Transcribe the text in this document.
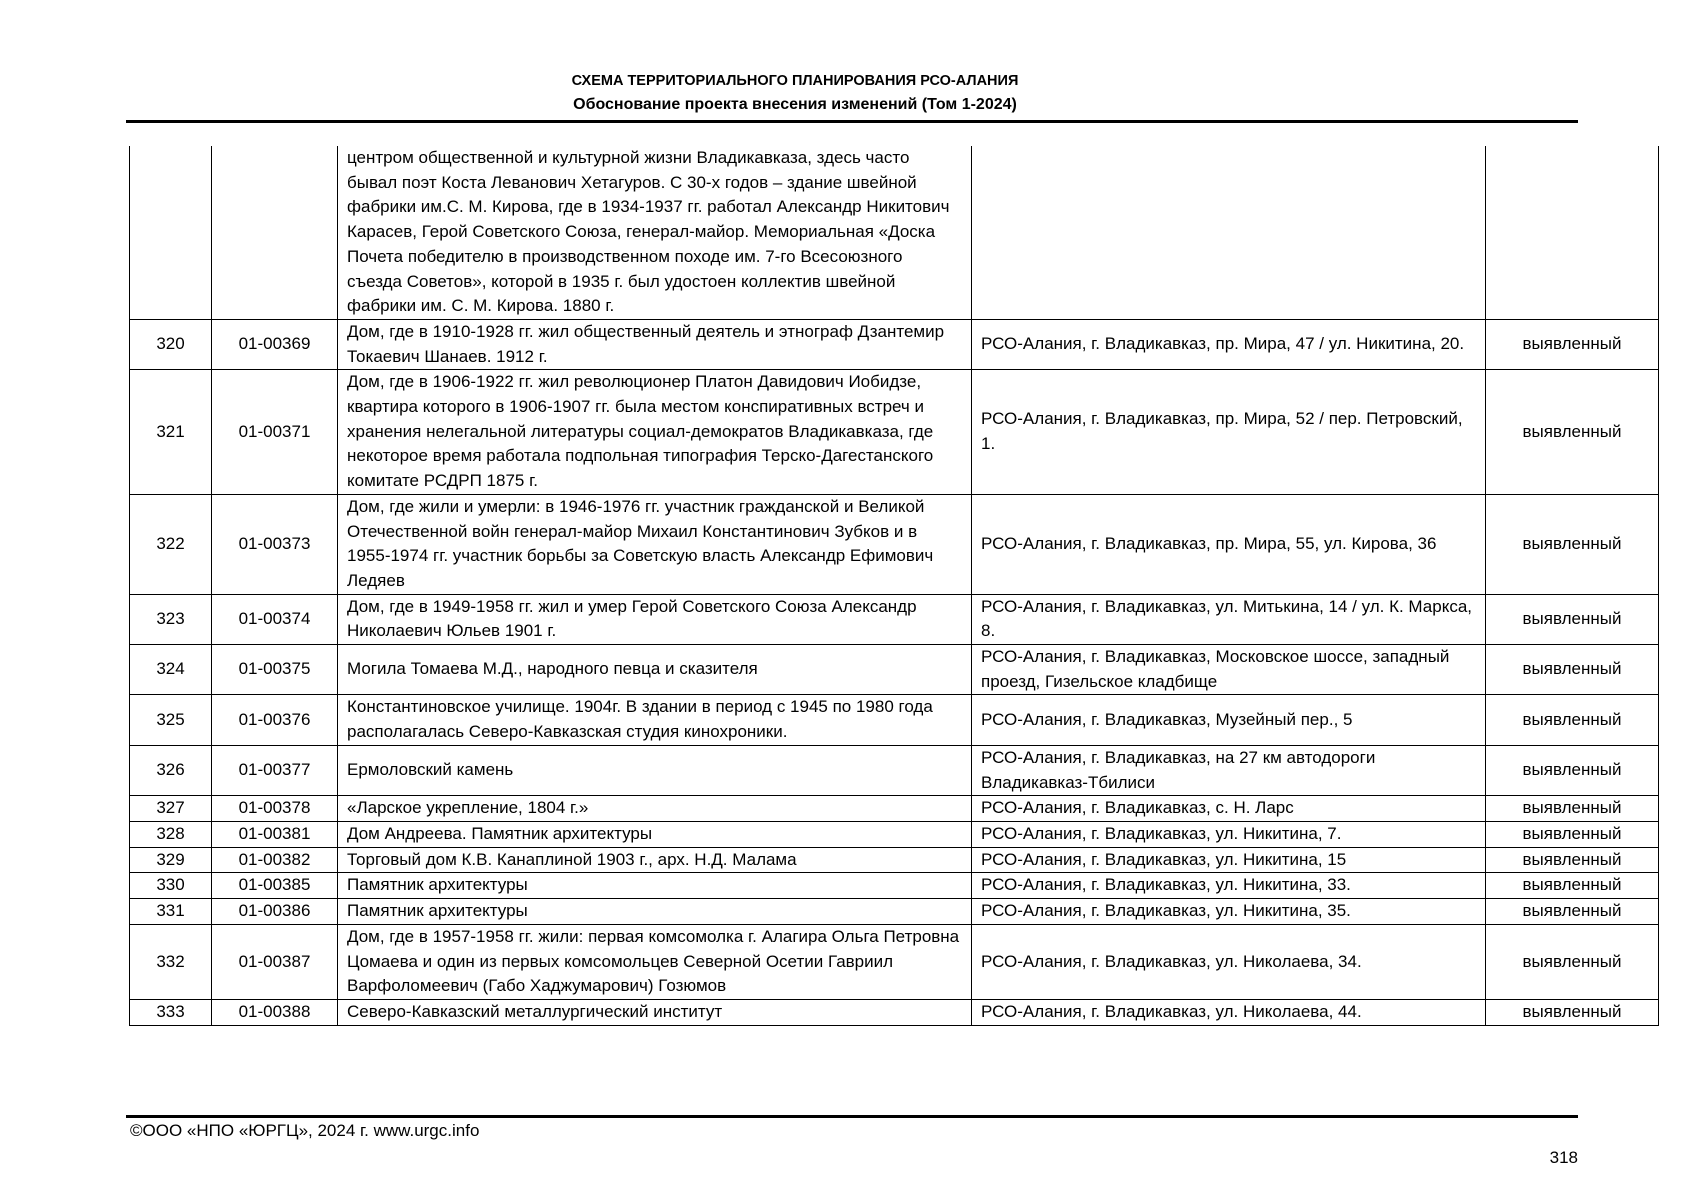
СХЕМА ТЕРРИТОРИАЛЬНОГО ПЛАНИРОВАНИЯ РСО-АЛАНИЯ
Обоснование проекта внесения изменений (Том 1-2024)
		центром общественной и культурной жизни Владикавказа, здесь часто бывал поэт Коста Леванович Хетагуров. С 30-х годов – здание швейной фабрики им.С. М. Кирова, где в 1934-1937 гг. работал Александр Никитович Карасев, Герой Советского Союза, генерал-майор. Мемориальная «Доска Почета победителю в производственном походе им. 7-го Всесоюзного съезда Советов», которой в 1935 г. был удостоен коллектив швейной фабрики им. С. М. Кирова. 1880 г.		
320	01-00369	Дом, где в 1910-1928 гг. жил общественный деятель и этнограф Дзантемир Токаевич Шанаев. 1912 г.	РСО-Алания, г. Владикавказ, пр. Мира, 47 / ул. Никитина, 20.	выявленный
321	01-00371	Дом, где в 1906-1922 гг. жил революционер Платон Давидович Иобидзе, квартира которого в 1906-1907 гг. была местом конспиративных встреч и хранения нелегальной литературы социал-демократов Владикавказа, где некоторое время работала подпольная типография Терско-Дагестанского комитате РСДРП 1875 г.	РСО-Алания, г. Владикавказ, пр. Мира, 52 / пер. Петровский, 1.	выявленный
322	01-00373	Дом, где жили и умерли: в 1946-1976 гг. участник гражданской и Великой Отечественной войн генерал-майор Михаил Константинович Зубков и в 1955-1974 гг. участник борьбы за Советскую власть Александр Ефимович Ледяев	РСО-Алания, г. Владикавказ, пр. Мира, 55, ул. Кирова, 36	выявленный
323	01-00374	Дом, где в 1949-1958 гг. жил и умер Герой Советского Союза Александр Николаевич Юльев 1901 г.	РСО-Алания, г. Владикавказ, ул. Митькина, 14 / ул. К. Маркса, 8.	выявленный
324	01-00375	Могила Томаева М.Д., народного певца и сказителя	РСО-Алания, г. Владикавказ, Московское шоссе, западный проезд, Гизельское кладбище	выявленный
325	01-00376	Константиновское училище. 1904г. В здании в период с 1945 по 1980 года располагалась Северо-Кавказская студия кинохроники.	РСО-Алания, г. Владикавказ, Музейный пер., 5	выявленный
326	01-00377	Ермоловский камень	РСО-Алания, г. Владикавказ, на 27 км автодороги Владикавказ-Тбилиси	выявленный
327	01-00378	«Ларское укрепление, 1804 г.»	РСО-Алания, г. Владикавказ, с. Н. Ларс	выявленный
328	01-00381	Дом Андреева. Памятник архитектуры	РСО-Алания, г. Владикавказ, ул. Никитина, 7.	выявленный
329	01-00382	Торговый дом К.В. Канаплиной 1903 г., арх. Н.Д. Малама	РСО-Алания, г. Владикавказ, ул. Никитина, 15	выявленный
330	01-00385	Памятник архитектуры	РСО-Алания, г. Владикавказ, ул. Никитина, 33.	выявленный
331	01-00386	Памятник архитектуры	РСО-Алания, г. Владикавказ, ул. Никитина, 35.	выявленный
332	01-00387	Дом, где в 1957-1958 гг. жили: первая комсомолка г. Алагира Ольга Петровна Цомаева и один из первых комсомольцев Северной Осетии Гавриил Варфоломеевич (Габо Хаджумарович) Гозюмов	РСО-Алания, г. Владикавказ, ул. Николаева, 34.	выявленный
333	01-00388	Северо-Кавказский металлургический институт	РСО-Алания, г. Владикавказ, ул. Николаева, 44.	выявленный
©ООО «НПО «ЮРГЦ», 2024 г. www.urgc.info
318
